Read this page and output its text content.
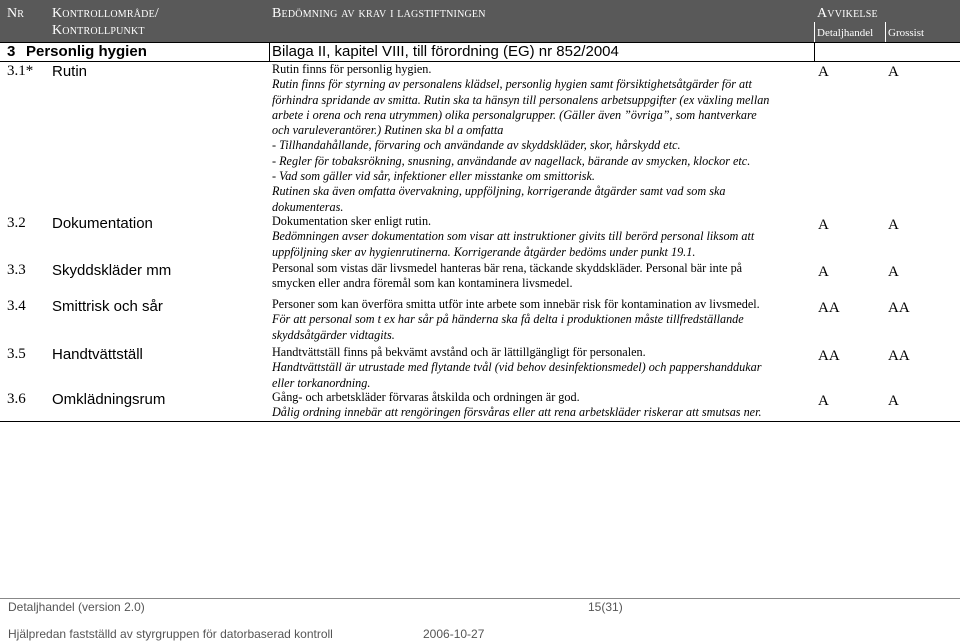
Nr Kontrollområde/
Kontrollpunkt
Bedömning av krav i lagstiftningen	Avvikelse
Detaljhandel Grossist
3 Personlig hygien	Bilaga II, kapitel VIII, till förordning (EG) nr 852/2004
3.1* Rutin	Rutin finns för personlig hygien.
Rutin finns för styrning av personalens klädsel, personlig hygien samt försiktighetsåtgärder för att
förhindra spridande av smitta. Rutin ska ta hänsyn till personalens arbetsuppgifter (ex växling mellan
arbete i orena och rena utrymmen) olika personalgrupper. (Gäller även ”övriga”, som hantverkare
och varuleverantörer.) Rutinen ska bl a omfatta
- Tillhandahållande, förvaring och användande av skyddskläder, skor, hårskydd etc.
- Regler för tobaksrökning, snusning, användande av nagellack, bärande av smycken, klockor etc.
- Vad som gäller vid sår, infektioner eller misstanke om smittorisk.
Rutinen ska även omfatta övervakning, uppföljning, korrigerande åtgärder samt vad som ska
dokumenteras.
A	A
3.2 Dokumentation	Dokumentation sker enligt rutin.
Bedömningen avser dokumentation som visar att instruktioner givits till berörd personal liksom att
uppföljning sker av hygienrutinerna. Korrigerande åtgärder bedöms under punkt 19.1.
A	A
3.3 Skyddskläder mm	Personal som vistas där livsmedel hanteras bär rena, täckande skyddskläder. Personal bär inte på
smycken eller andra föremål som kan kontaminera livsmedel.
A	A
3.4 Smittrisk och sår	Personer som kan överföra smitta utför inte arbete som innebär risk för kontamination av livsmedel.
För att personal som t ex har sår på händerna ska få delta i produktionen måste tillfredställande
skyddsåtgärder vidtagits.
AA	AA
3.5 Handtvättställ	Handtvättställ finns på bekvämt avstånd och är lättillgängligt för personalen.
Handtvättställ är utrustade med flytande tvål (vid behov desinfektionsmedel) och pappershanddukar
eller torkanordning.
AA	AA
3.6 Omklädningsrum	Gång- och arbetskläder förvaras åtskilda och ordningen är god.
Dålig ordning innebär att rengöringen försvåras eller att rena arbetskläder riskerar att smutsas ner.
A	A
Detaljhandel (version 2.0)	15(31)
Hjälpredan fastställd av styrgruppen för datorbaserad kontroll	2006-10-27
